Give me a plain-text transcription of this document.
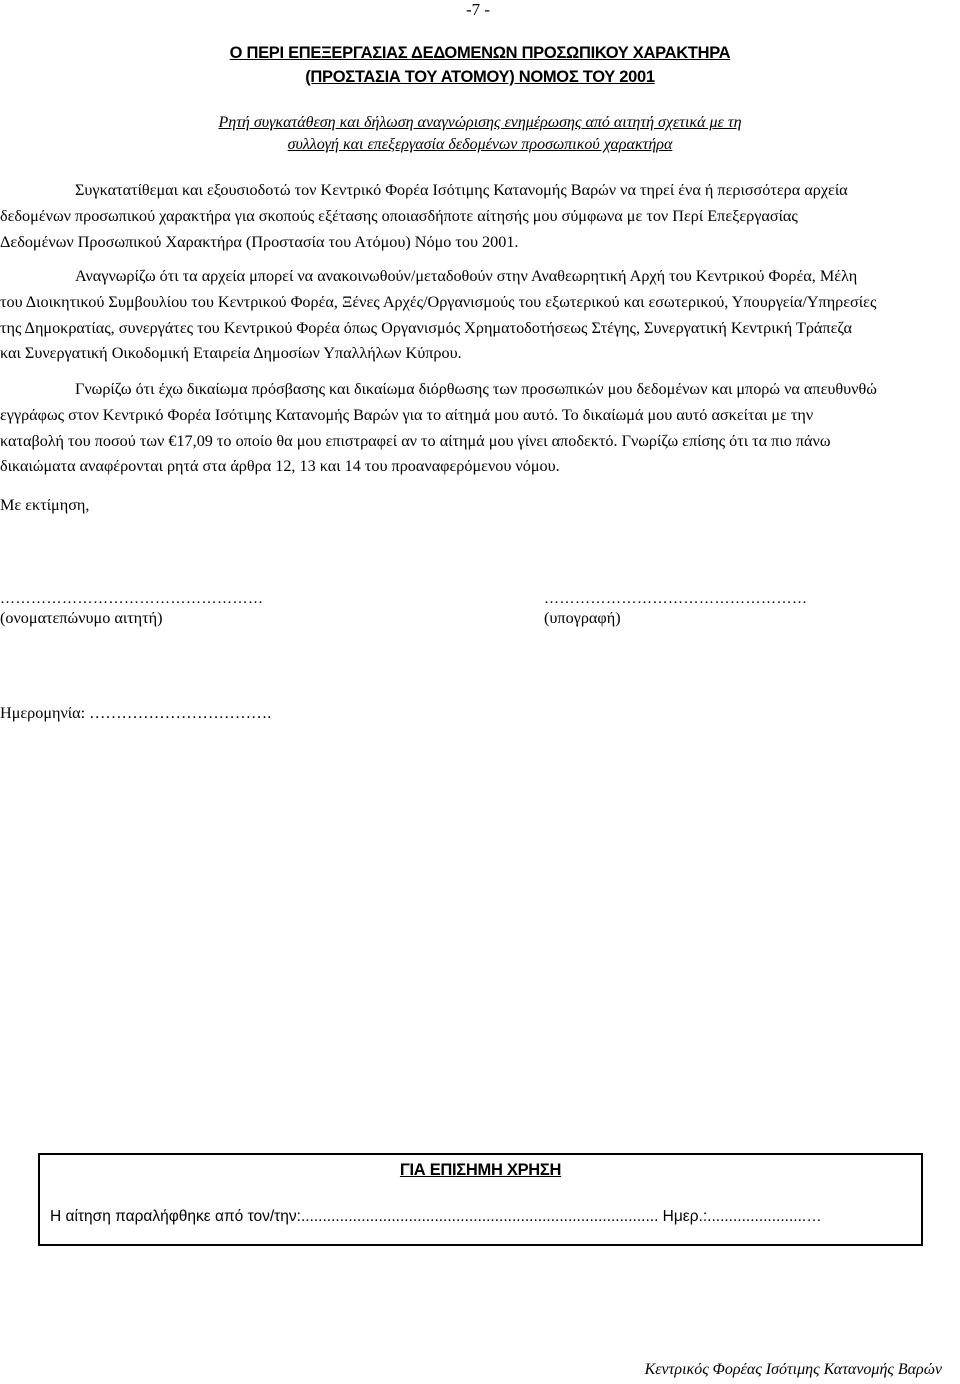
-7 -
Ο ΠΕΡΙ ΕΠΕΞΕΡΓΑΣΙΑΣ ΔΕΔΟΜΕΝΩΝ ΠΡΟΣΩΠΙΚΟΥ ΧΑΡΑΚΤΗΡΑ
(ΠΡΟΣΤΑΣΙΑ ΤΟΥ ΑΤΟΜΟΥ) ΝΟΜΟΣ ΤΟΥ 2001
Ρητή συγκατάθεση και δήλωση αναγνώρισης ενημέρωσης από αιτητή σχετικά με τη
συλλογή και επεξεργασία δεδομένων προσωπικού χαρακτήρα
Συγκατατίθεμαι και εξουσιοδοτώ τον Κεντρικό Φορέα Ισότιμης Κατανομής Βαρών να τηρεί ένα ή περισσότερα αρχεία
δεδομένων προσωπικού χαρακτήρα για σκοπούς εξέτασης οποιασδήποτε αίτησής μου σύμφωνα με τον Περί Επεξεργασίας
Δεδομένων Προσωπικού Χαρακτήρα (Προστασία του Ατόμου) Νόμο του 2001.
Αναγνωρίζω ότι τα αρχεία μπορεί να ανακοινωθούν/μεταδοθούν στην Αναθεωρητική Αρχή του Κεντρικού Φορέα, Μέλη
του Διοικητικού Συμβουλίου του Κεντρικού Φορέα, Ξένες Αρχές/Οργανισμούς του εξωτερικού και εσωτερικού, Υπουργεία/Υπηρεσίες
της Δημοκρατίας, συνεργάτες του Κεντρικού Φορέα όπως Οργανισμός Χρηματοδοτήσεως Στέγης, Συνεργατική Κεντρική Τράπεζα
και Συνεργατική Οικοδομική Εταιρεία Δημοσίων Υπαλλήλων Κύπρου.
Γνωρίζω ότι έχω δικαίωμα πρόσβασης και δικαίωμα διόρθωσης των προσωπικών μου δεδομένων και μπορώ να απευθυνθώ
εγγράφως στον Κεντρικό Φορέα Ισότιμης Κατανομής Βαρών για το αίτημά μου αυτό. Το δικαίωμά μου αυτό ασκείται με την
καταβολή του ποσού των €17,09 το οποίο θα μου επιστραφεί αν το αίτημά μου γίνει αποδεκτό. Γνωρίζω επίσης ότι τα πιο πάνω
δικαιώματα αναφέρονται ρητά στα άρθρα 12, 13 και 14 του προαναφερόμενου νόμου.
Με εκτίμηση,
……………………………………………	……………………………………………
(ονοματεπώνυμο αιτητή)	(υπογραφή)
Ημερομηνία: …………………………….
ΓΙΑ ΕΠΙΣΗΜΗ ΧΡΗΣΗ
Η αίτηση παραλήφθηκε από τον/την:................................................................................... Ημερ.:.......................…
Κεντρικός Φορέας Ισότιμης Κατανομής Βαρών
